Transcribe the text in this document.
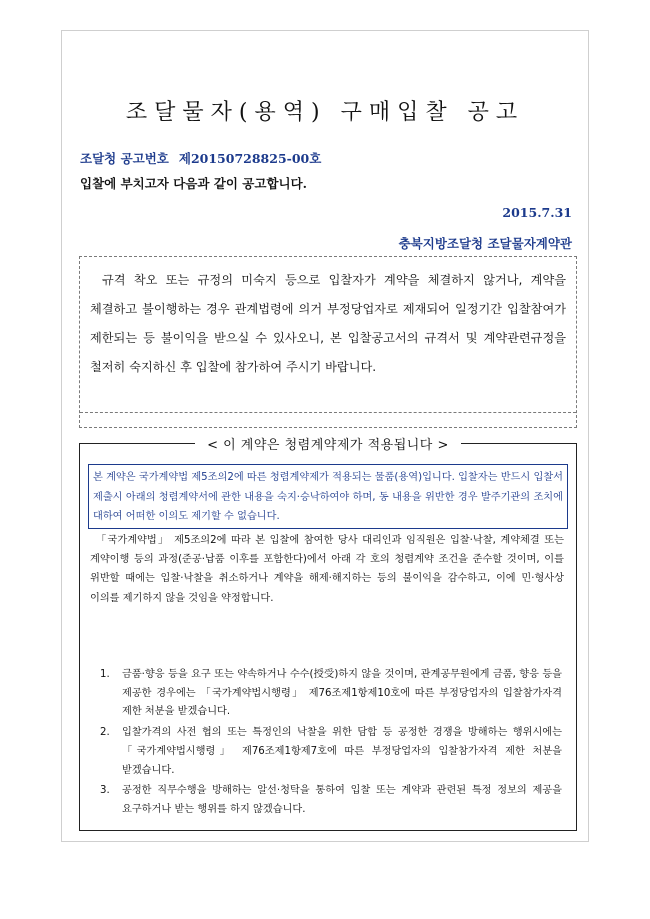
조달물자(용역) 구매입찰 공고
조달청 공고번호 제20150728825-00호
입찰에 부치고자 다음과 같이 공고합니다.
2015.7.31
충북지방조달청 조달물자계약관

규격 착오 또는 규정의 미숙지 등으로 입찰자가 계약을 체결하지 않거나, 계약을 체결하고 불이행하는 경우 관계법령에 의거 부정당업자로 제재되어 일정기간 입찰참여가 제한되는 등 불이익을 받으실 수 있사오니, 본 입찰공고서의 규격서 및 계약관련규정을 철저히 숙지하신 후 입찰에 참가하여 주시기 바랍니다.

< 이 계약은 청렴계약제가 적용됩니다 >
본 계약은 국가계약법 제5조의2에 따른 청렴계약제가 적용되는 물품(용역)입니다. 입찰자는 반드시 입찰서 제출시 아래의 청렴계약서에 관한 내용을 숙지·승낙하여야 하며, 동 내용을 위반한 경우 발주기관의 조치에 대하여 어떠한 이의도 제기할 수 없습니다.
「국가계약법」 제5조의2에 따라 본 입찰에 참여한 당사 대리인과 임직원은 입찰·낙찰, 계약체결 또는 계약이행 등의 과정(준공·납품 이후를 포함한다)에서 아래 각 호의 청렴계약 조건을 준수할 것이며, 이를 위반할 때에는 입찰·낙찰을 취소하거나 계약을 해제·해지하는 등의 불이익을 감수하고, 이에 민·형사상 이의를 제기하지 않을 것임을 약정합니다.
1. 금품·향응 등을 요구 또는 약속하거나 수수(授受)하지 않을 것이며, 관계공무원에게 금품, 향응 등을 제공한 경우에는 「국가계약법시행령」 제76조제1항제10호에 따른 부정당업자의 입찰참가자격 제한 처분을 받겠습니다.
2. 입찰가격의 사전 협의 또는 특정인의 낙찰을 위한 담합 등 공정한 경쟁을 방해하는 행위시에는 「국가계약법시행령」 제76조제1항제7호에 따른 부정당업자의 입찰참가자격 제한 처분을 받겠습니다.
3. 공정한 직무수행을 방해하는 알선·청탁을 통하여 입찰 또는 계약과 관련된 특정 정보의 제공을 요구하거나 받는 행위를 하지 않겠습니다.
